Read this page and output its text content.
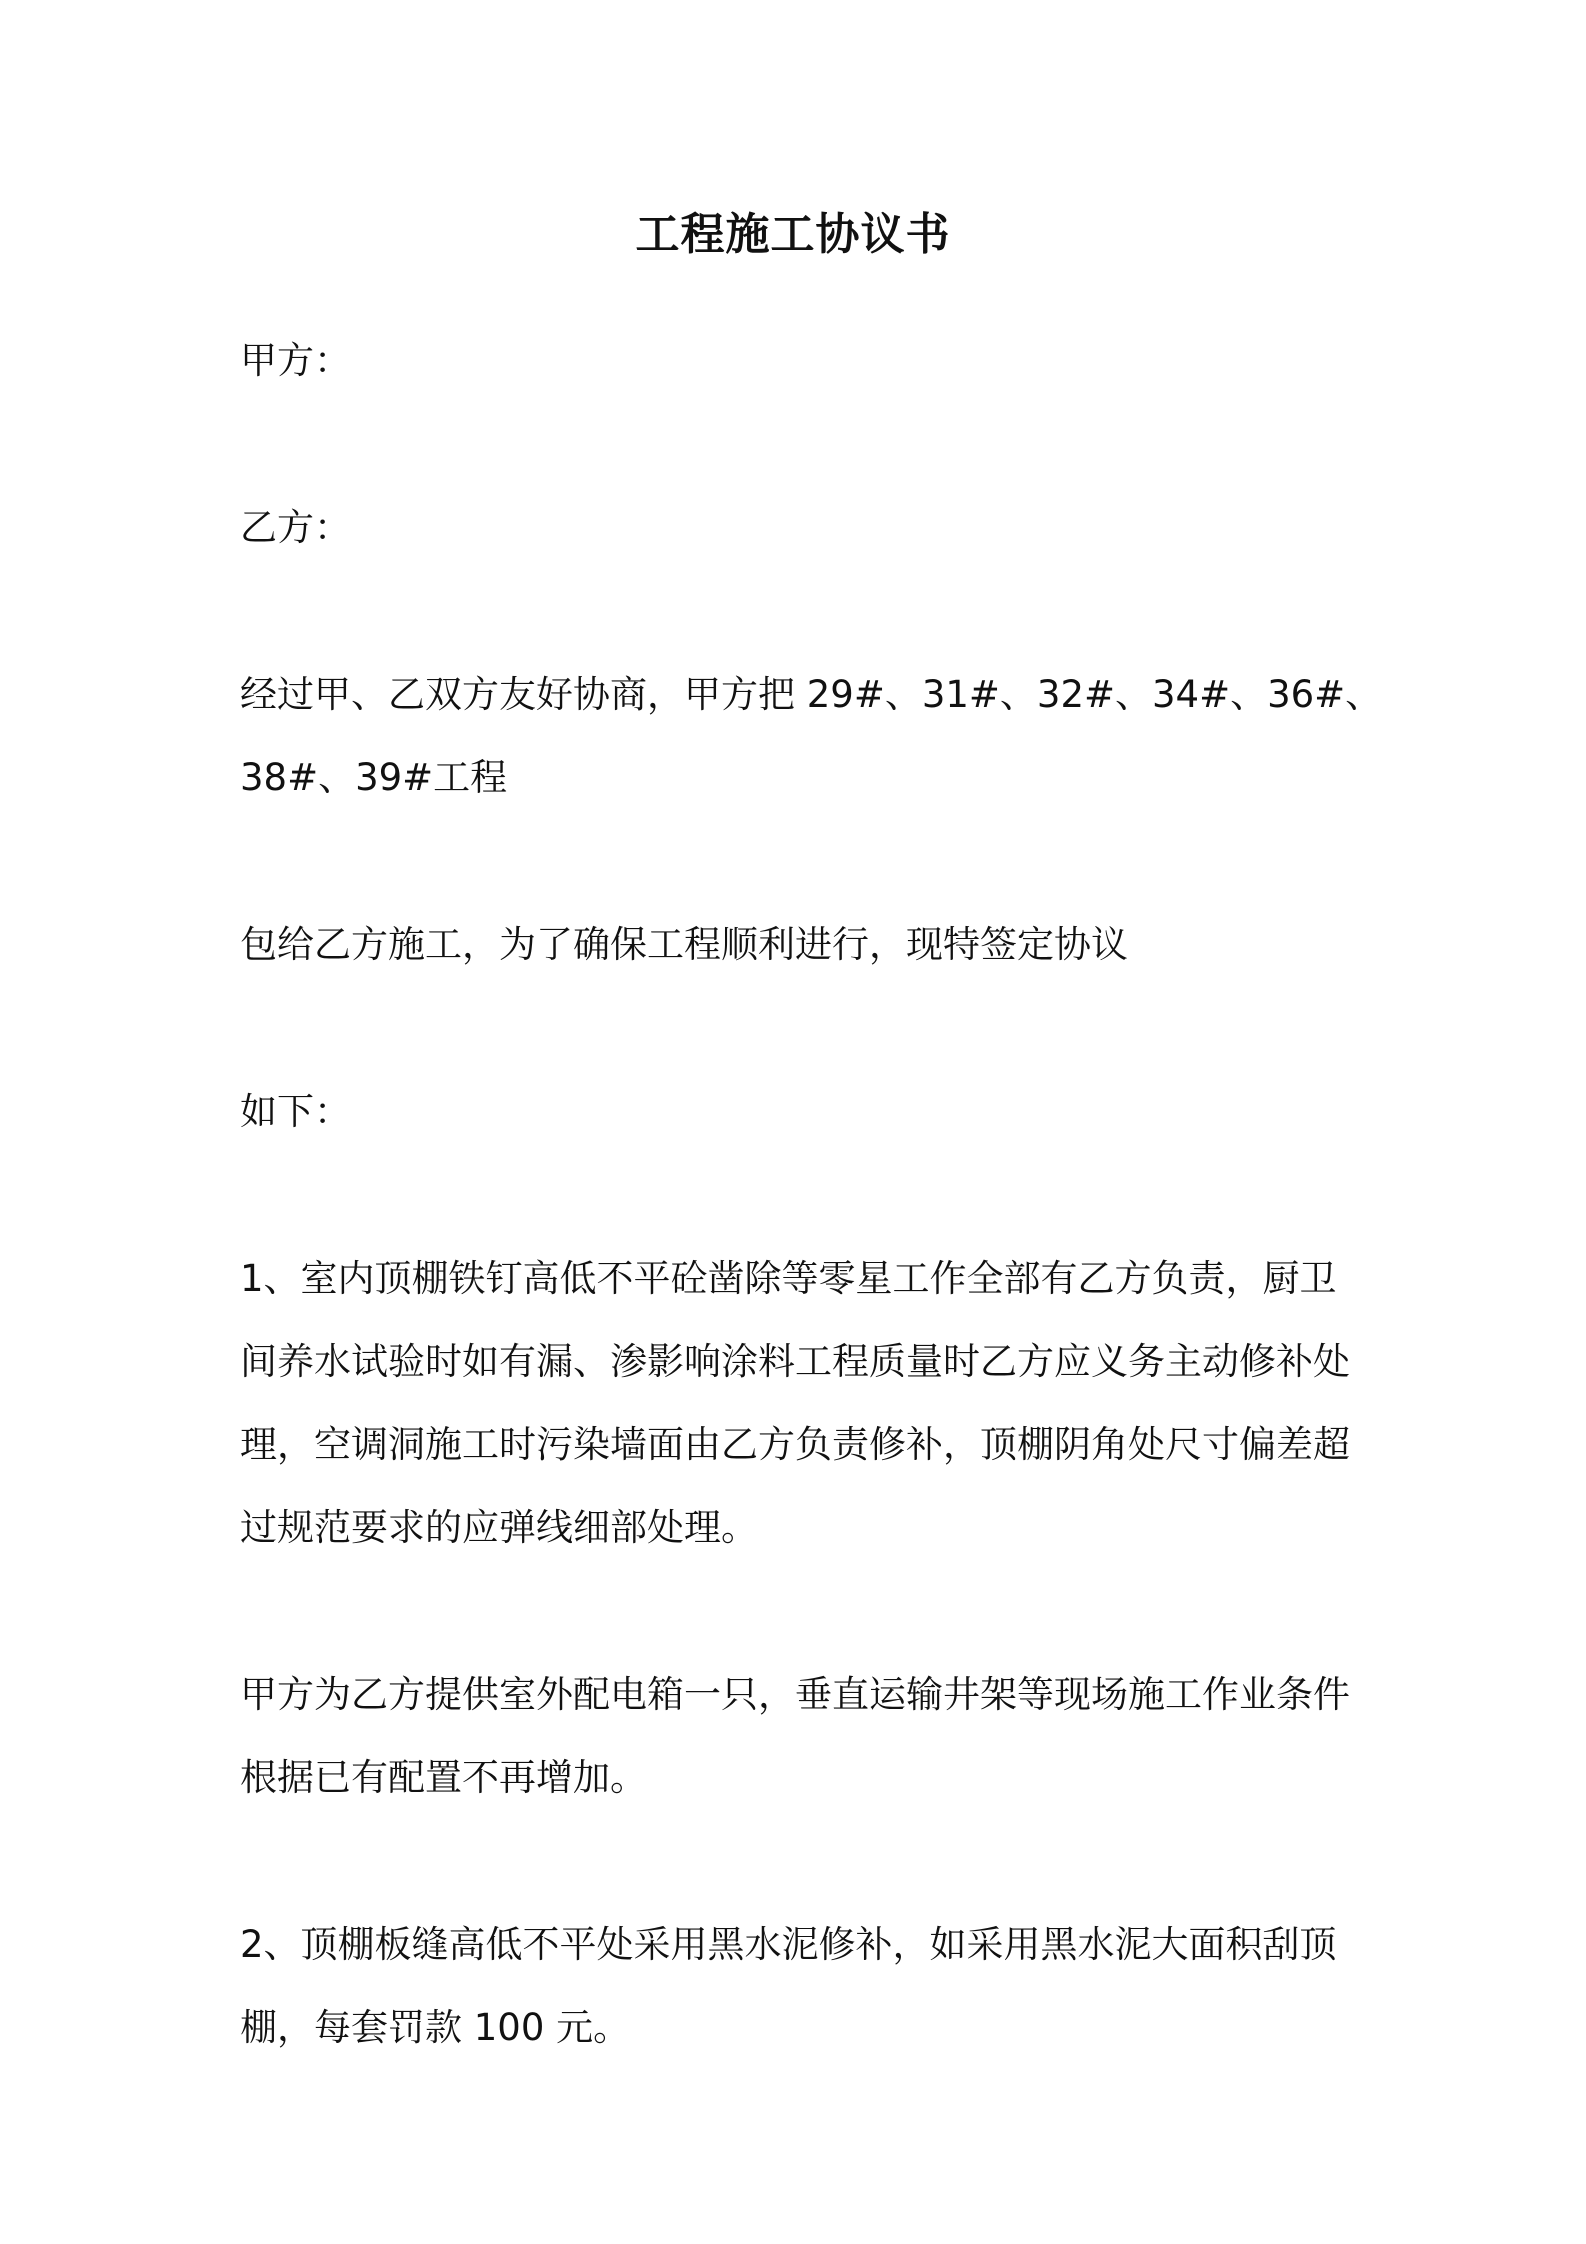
工程施工协议书
甲方：
乙方：
经过甲、乙双方友好协商，甲方把 29#、31#、32#、34#、36#、
38#、39#工程
包给乙方施工，为了确保工程顺利进行，现特签定协议
如下：
1、室内顶棚铁钉高低不平砼凿除等零星工作全部有乙方负责，厨卫
间养水试验时如有漏、渗影响涂料工程质量时乙方应义务主动修补处
理，空调洞施工时污染墙面由乙方负责修补，顶棚阴角处尺寸偏差超
过规范要求的应弹线细部处理。
甲方为乙方提供室外配电箱一只，垂直运输井架等现场施工作业条件
根据已有配置不再增加。
2、顶棚板缝高低不平处采用黑水泥修补，如采用黑水泥大面积刮顶
棚，每套罚款 100 元。
